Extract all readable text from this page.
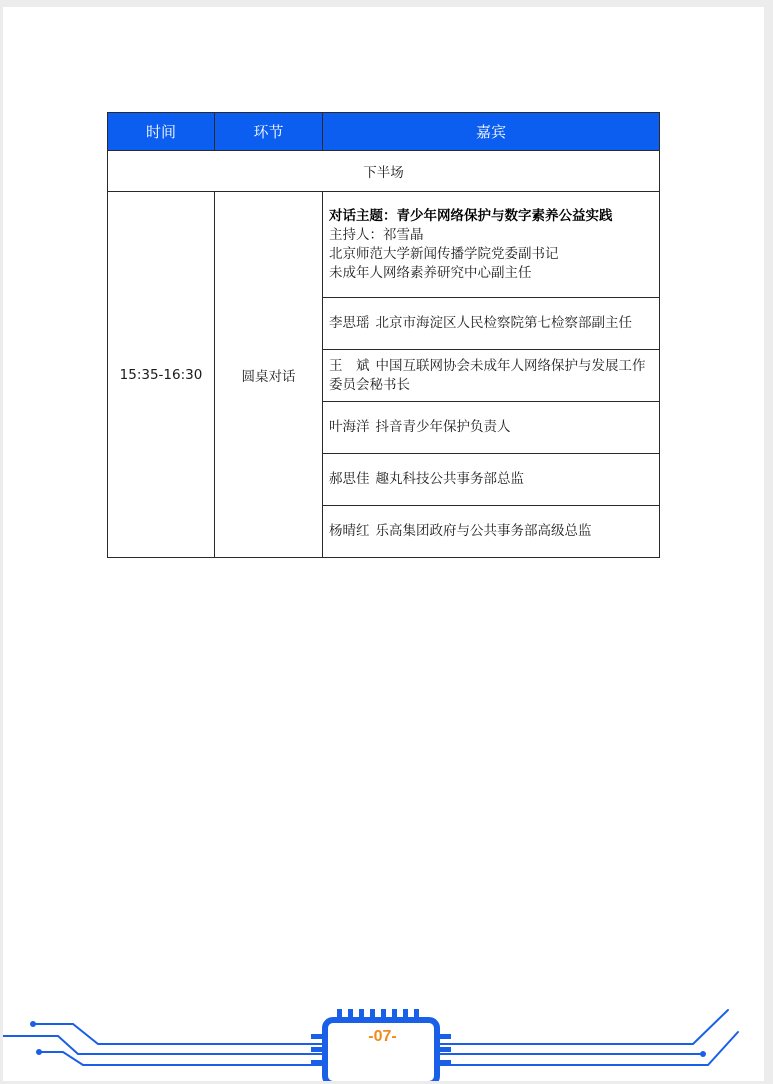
时间	环节	嘉宾
下半场		
15:35-16:30	圆桌对话	对话主题：青少年网络保护与数字素养公益实践
主持人：祁雪晶
北京师范大学新闻传播学院党委副书记
未成年人网络素养研究中心副主任

		李思瑶 北京市海淀区人民检察院第七检察部副主任
		王　斌 中国互联网协会未成年人网络保护与发展工作委员会秘书长
		叶海洋 抖音青少年保护负责人
		郝思佳 趣丸科技公共事务部总监
		杨晴红 乐高集团政府与公共事务部高级总监
-07-
